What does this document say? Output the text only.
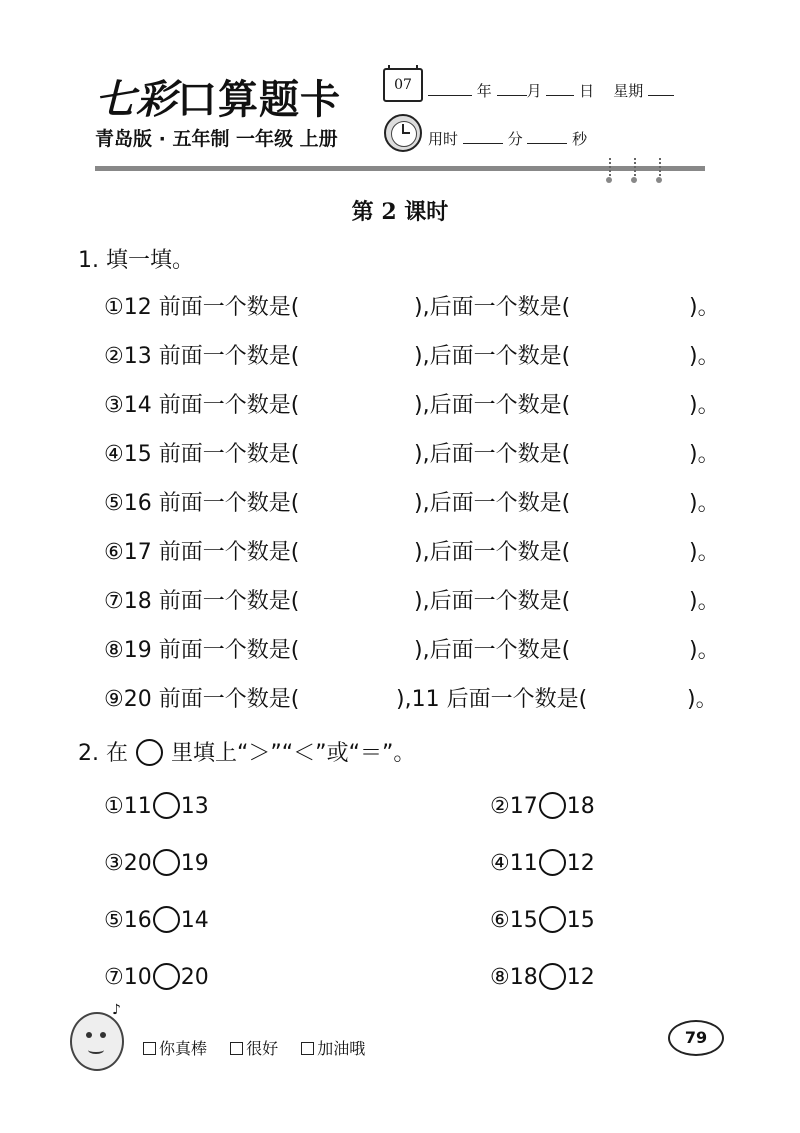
七彩口算题卡	07	年 月	日 星期
青岛版 · 五年制 一年级 上册	用时	分	秒
第 2 课时
1. 填一填。
①12 前面一个数是(	),后面一个数是(	)。
②13 前面一个数是(	),后面一个数是(	)。
③14 前面一个数是(	),后面一个数是(	)。
④15 前面一个数是(	),后面一个数是(	)。
⑤16 前面一个数是(	),后面一个数是(	)。
⑥17 前面一个数是(	),后面一个数是(	)。
⑦18 前面一个数是(	),后面一个数是(	)。
⑧19 前面一个数是(	),后面一个数是(	)。
⑨20 前面一个数是(	),11 后面一个数是(	)。
2. 在 里填上“＞”“＜”或“＝”。
①11 13	②17 18
③20 19	④11 12
⑤16 14	⑥15 15
⑦10 20	⑧18 12
♪
你真棒 很好 加油哦
79
